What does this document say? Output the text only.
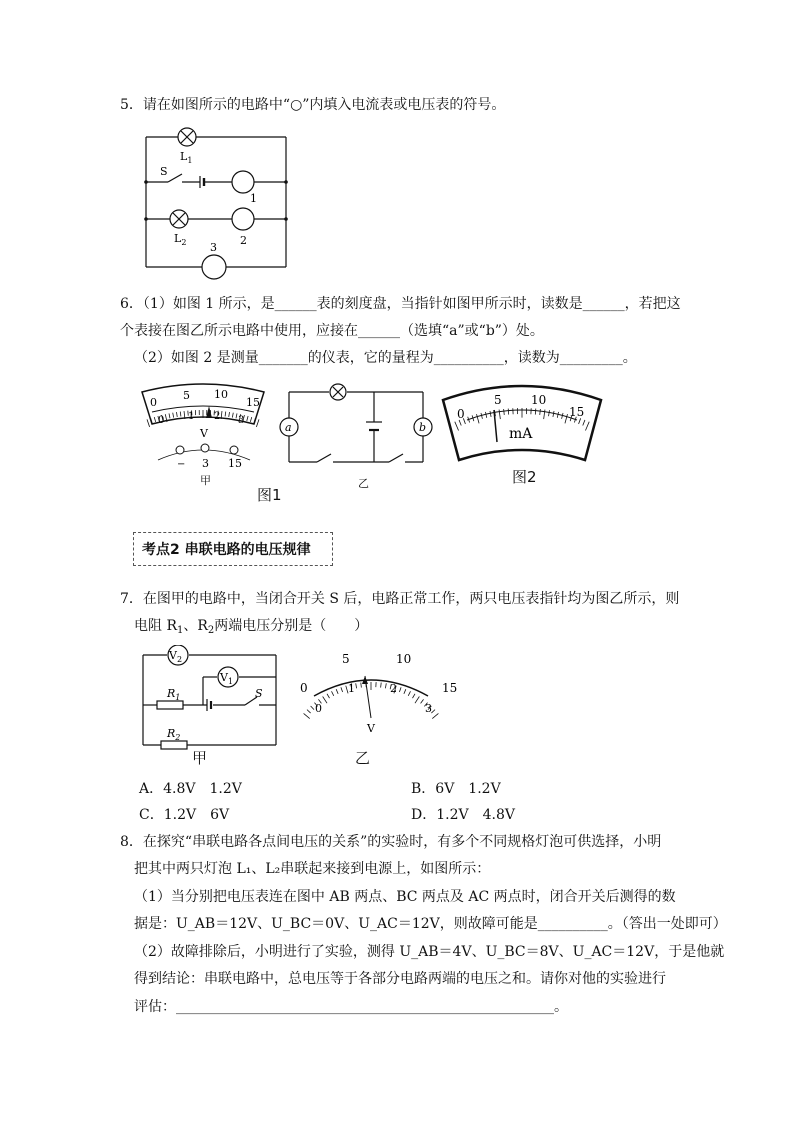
5．请在如图所示的电路中“○”内填入电流表或电压表的符号。
$L_1$
S
1
$L_2$	2
3
6．（1）如图 1 所示，是______表的刻度盘，当指针如图甲所示时，读数是______，若把这
个表接在图乙所示电路中使用，应接在______（选填“a”或“b”）处。
（2）如图 2 是测量_______的仪表，它的量程为__________，读数为_________。
0
5 10
15
0 1 2 3
V
− 3 15
甲
图1
a	b
乙
0
5 10
15
mA
图2
考点2 串联电路的电压规律
7．在图甲的电路中，当闭合开关 S 后，电路正常工作，两只电压表指针均为图乙所示，则
电阻 $R_1$、$R_2$两端电压分别是（　　）
$V_2$
$V_1$
$R_1$
$R_2$
S
甲
0
5	10
15
0
1	2
3
V
乙
A．4.8V　1.2V	B．6V　1.2V
C．1.2V　6V	D．1.2V　4.8V
8．在探究“串联电路各点间电压的关系”的实验时，有多个不同规格灯泡可供选择，小明
把其中两只灯泡 L₁、L₂串联起来接到电源上，如图所示：
（1）当分别把电压表连在图中 AB 两点、BC 两点及 AC 两点时，闭合开关后测得的数
据是：U_AB＝12V、U_BC＝0V、U_AC＝12V，则故障可能是__________。（答出一处即可）
（2）故障排除后，小明进行了实验，测得 U_AB＝4V、U_BC＝8V、U_AC＝12V，于是他就
得到结论：串联电路中，总电压等于各部分电路两端的电压之和。请你对他的实验进行
评估：______________________________________________________。
